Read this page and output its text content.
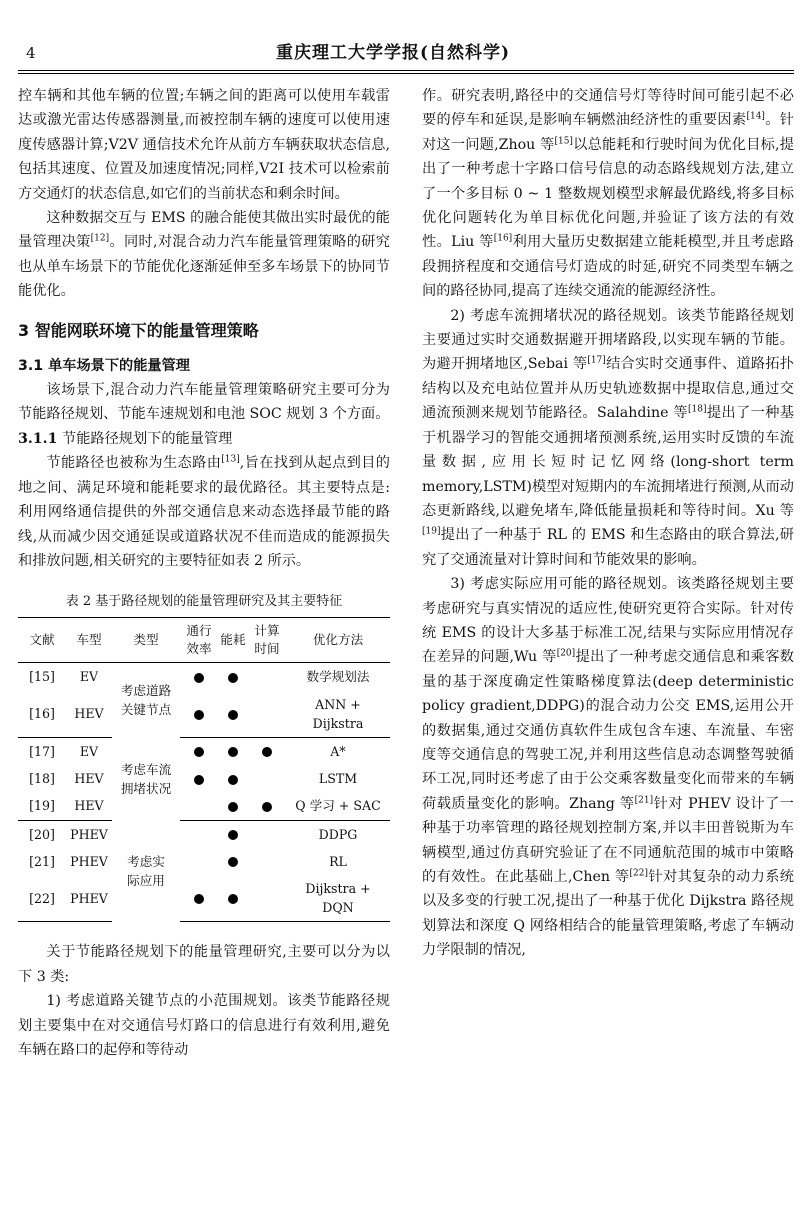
4	重庆理工大学学报(自然科学)

控车辆和其他车辆的位置;车辆之间的距离可以使用车载雷达或激光雷达传感器测量,而被控制车辆的速度可以使用速度传感器计算;V2V 通信技术允许从前方车辆获取状态信息,包括其速度、位置及加速度情况;同样,V2I 技术可以检索前方交通灯的状态信息,如它们的当前状态和剩余时间。

这种数据交互与 EMS 的融合能使其做出实时最优的能量管理决策[12]。同时,对混合动力汽车能量管理策略的研究也从单车场景下的节能优化逐渐延伸至多车场景下的协同节能优化。

3 智能网联环境下的能量管理策略
3.1 单车场景下的能量管理

该场景下,混合动力汽车能量管理策略研究主要可分为节能路径规划、节能车速规划和电池 SOC 规划 3 个方面。

3.1.1 节能路径规划下的能量管理

节能路径也被称为生态路由[13],旨在找到从起点到目的地之间、满足环境和能耗要求的最优路径。其主要特点是:利用网络通信提供的外部交通信息来动态选择最节能的路线,从而减少因交通延误或道路状况不佳而造成的能源损失和排放问题,相关研究的主要特征如表 2 所示。

表 2 基于路径规划的能量管理研究及其主要特征
文献	车型	类型	通行效率	能耗	计算时间	优化方法
[15]	EV	考虑道路关键节点				数学规划法
[16]	HEV					ANN + Dijkstra
[17]	EV	考虑车流拥堵状况				A*
[18]	HEV					LSTM
[19]	HEV					Q 学习 + SAC
[20]	PHEV	考虑实际应用				DDPG
[21]	PHEV					RL
[22]	PHEV					Dijkstra + DQN

关于节能路径规划下的能量管理研究,主要可以分为以下 3 类:

1) 考虑道路关键节点的小范围规划。该类节能路径规划主要集中在对交通信号灯路口的信息进行有效利用,避免车辆在路口的起停和等待动

作。研究表明,路径中的交通信号灯等待时间可能引起不必要的停车和延误,是影响车辆燃油经济性的重要因素[14]。针对这一问题,Zhou 等[15]以总能耗和行驶时间为优化目标,提出了一种考虑十字路口信号信息的动态路线规划方法,建立了一个多目标 0 ~ 1 整数规划模型求解最优路线,将多目标优化问题转化为单目标优化问题,并验证了该方法的有效性。Liu 等[16]利用大量历史数据建立能耗模型,并且考虑路段拥挤程度和交通信号灯造成的时延,研究不同类型车辆之间的路径协同,提高了连续交通流的能源经济性。

2) 考虑车流拥堵状况的路径规划。该类节能路径规划主要通过实时交通数据避开拥堵路段,以实现车辆的节能。为避开拥堵地区,Sebai 等[17]结合实时交通事件、道路拓扑结构以及充电站位置并从历史轨迹数据中提取信息,通过交通流预测来规划节能路径。Salahdine 等[18]提出了一种基于机器学习的智能交通拥堵预测系统,运用实时反馈的车流量数据,应用长短时记忆网络(long-short term memory,LSTM)模型对短期内的车流拥堵进行预测,从而动态更新路线,以避免堵车,降低能量损耗和等待时间。Xu 等[19]提出了一种基于 RL 的 EMS 和生态路由的联合算法,研究了交通流量对计算时间和节能效果的影响。

3) 考虑实际应用可能的路径规划。该类路径规划主要考虑研究与真实情况的适应性,使研究更符合实际。针对传统 EMS 的设计大多基于标准工况,结果与实际应用情况存在差异的问题,Wu 等[20]提出了一种考虑交通信息和乘客数量的基于深度确定性策略梯度算法(deep deterministic policy gradient,DDPG)的混合动力公交 EMS,运用公开的数据集,通过交通仿真软件生成包含车速、车流量、车密度等交通信息的驾驶工况,并利用这些信息动态调整驾驶循环工况,同时还考虑了由于公交乘客数量变化而带来的车辆荷载质量变化的影响。Zhang 等[21]针对 PHEV 设计了一种基于功率管理的路径规划控制方案,并以丰田普锐斯为车辆模型,通过仿真研究验证了在不同通航范围的城市中策略的有效性。在此基础上,Chen 等[22]针对其复杂的动力系统以及多变的行驶工况,提出了一种基于优化 Dijkstra 路径规划算法和深度 Q 网络相结合的能量管理策略,考虑了车辆动力学限制的情况,
